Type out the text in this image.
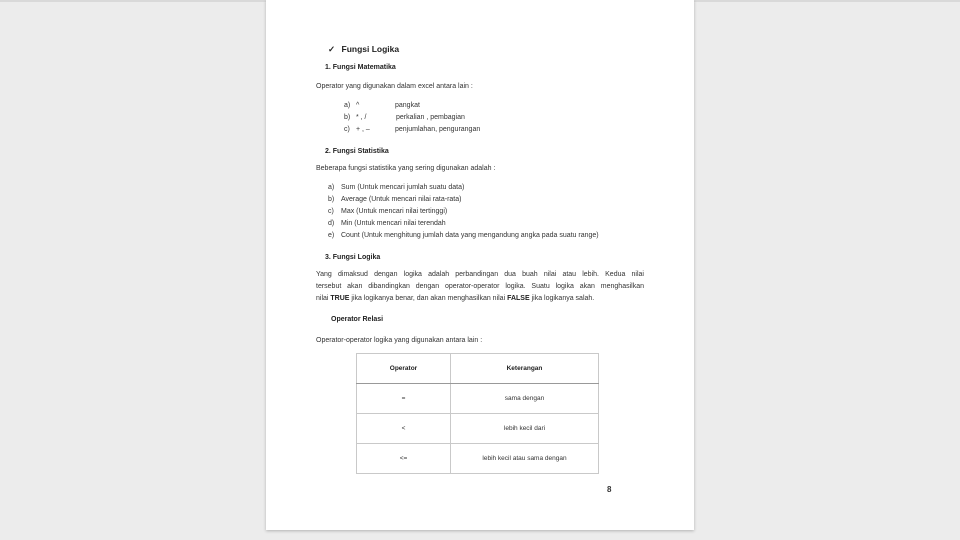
✓ Fungsi Logika
1. Fungsi Matematika
Operator yang digunakan dalam excel antara lain :
a) ^	pangkat
b) * , /	perkalian , pembagian
c) + , –	penjumlahan, pengurangan
2. Fungsi Statistika
Beberapa fungsi statistika yang sering digunakan adalah :
a) Sum (Untuk mencari jumlah suatu data)
b) Average (Untuk mencari nilai rata-rata)
c) Max (Untuk mencari nilai tertinggi)
d) Min (Untuk mencari nilai terendah
e) Count (Untuk menghitung jumlah data yang mengandung angka pada suatu range)
3. Fungsi Logika
Yang dimaksud dengan logika adalah perbandingan dua buah nilai atau lebih. Kedua nilai
tersebut akan dibandingkan dengan operator-operator logika. Suatu logika akan menghasilkan
nilai TRUE jika logikanya benar, dan akan menghasilkan nilai FALSE jika logikanya salah.
Operator Relasi
Operator-operator logika yang digunakan antara lain :
Operator	Keterangan
=	sama dengan
<	lebih kecil dari
<=	lebih kecil atau sama dengan
8
